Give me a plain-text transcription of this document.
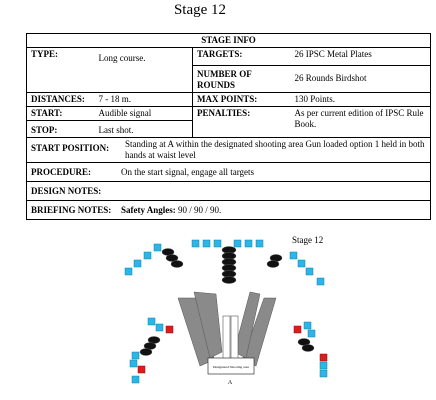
Stage 12
STAGE INFO			
TYPE:	Long course.	TARGETS:	26 IPSC Metal Plates
		NUMBER OF ROUNDS	26 Rounds Birdshot
DISTANCES:	7 - 18 m.	MAX POINTS:	130 Points.
START:	Audible signal	PENALTIES:	As per current edition of IPSC Rule Book.
STOP:	Last shot.		

START POSITION: Standing at A within the designated shooting area Gun loaded option 1 held in both hands at waist level			

PROCEDURE: On the start signal, engage all targets			

DESIGN NOTES:			

BRIEFING NOTES: Safety Angles: 90 / 90 / 90.			
Stage 12
Designated Shooting area
A
